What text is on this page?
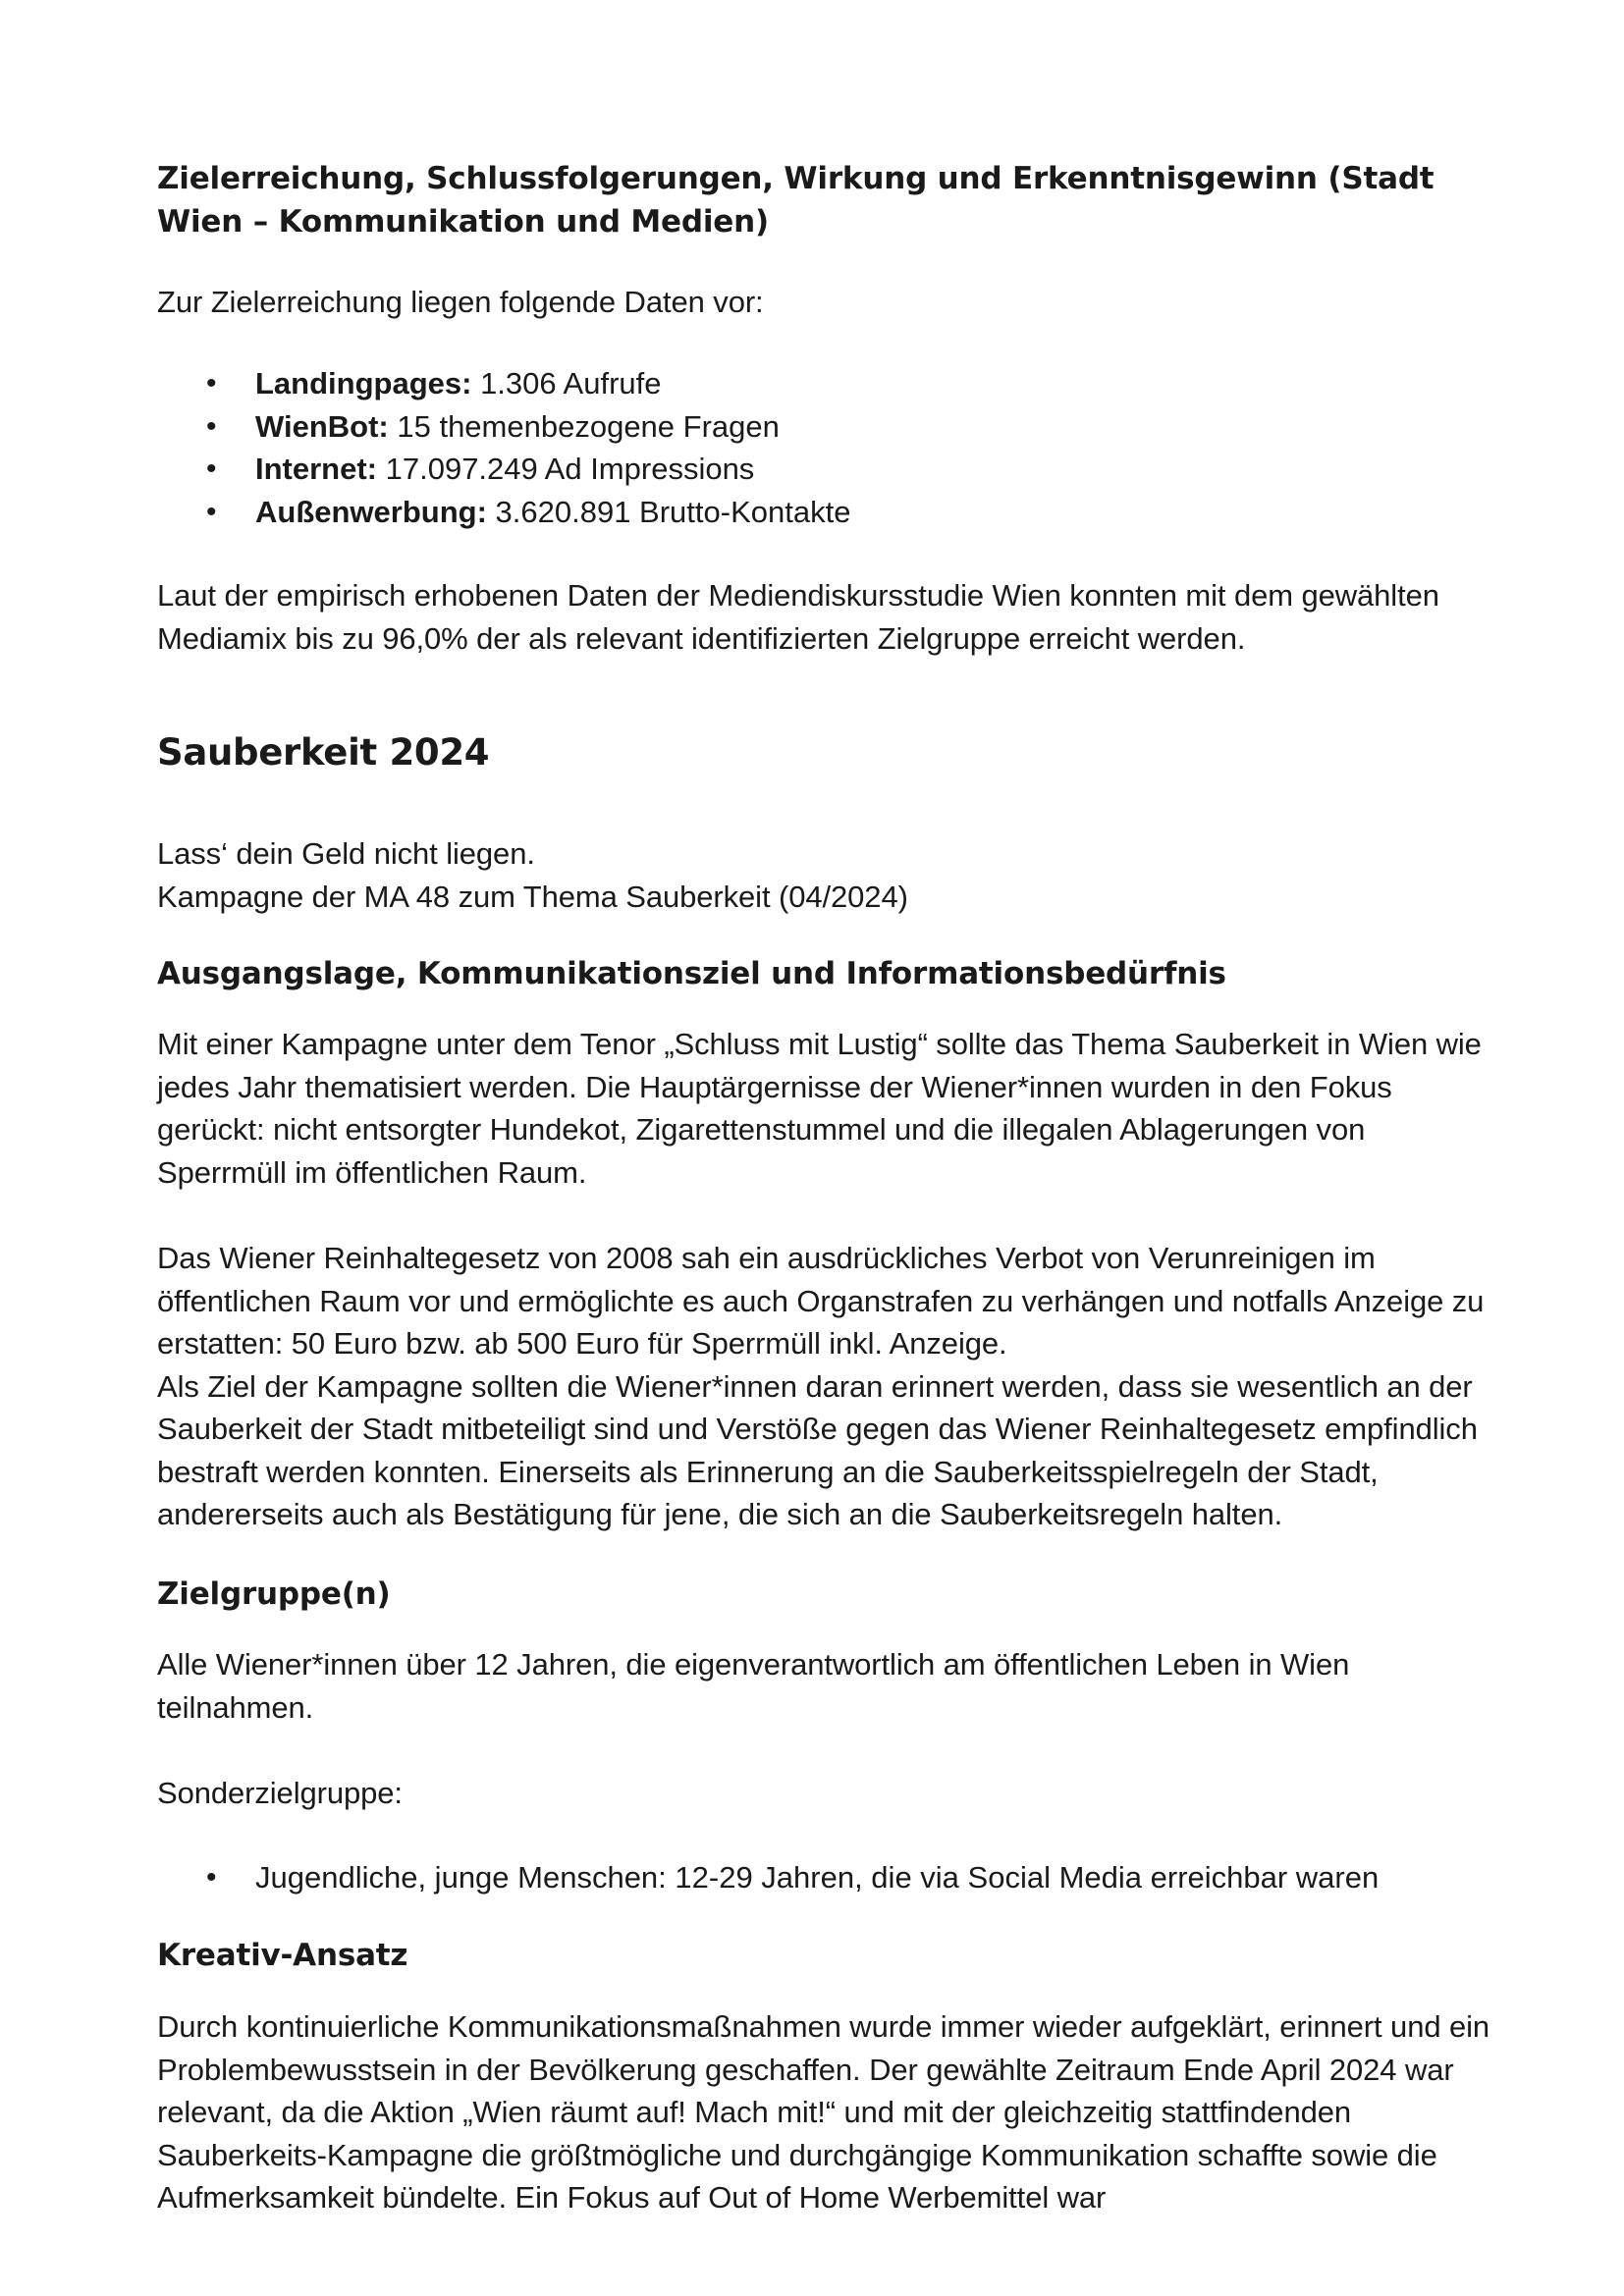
Zielerreichung, Schlussfolgerungen, Wirkung und Erkenntnisgewinn (Stadt Wien – Kommunikation und Medien)

Zur Zielerreichung liegen folgende Daten vor:

• Landingpages: 1.306 Aufrufe
• WienBot: 15 themenbezogene Fragen
• Internet: 17.097.249 Ad Impressions
• Außenwerbung: 3.620.891 Brutto-Kontakte

Laut der empirisch erhobenen Daten der Mediendiskursstudie Wien konnten mit dem gewählten Mediamix bis zu 96,0% der als relevant identifizierten Zielgruppe erreicht werden.

Sauberkeit 2024

Lass‘ dein Geld nicht liegen.

Kampagne der MA 48 zum Thema Sauberkeit (04/2024)

Ausgangslage, Kommunikationsziel und Informationsbedürfnis

Mit einer Kampagne unter dem Tenor „Schluss mit Lustig“ sollte das Thema Sauberkeit in Wien wie jedes Jahr thematisiert werden. Die Hauptärgernisse der Wiener*innen wurden in den Fokus gerückt: nicht entsorgter Hundekot, Zigarettenstummel und die illegalen Ablagerungen von Sperrmüll im öffentlichen Raum.

Das Wiener Reinhaltegesetz von 2008 sah ein ausdrückliches Verbot von Verunreinigen im öffentlichen Raum vor und ermöglichte es auch Organstrafen zu verhängen und notfalls Anzeige zu erstatten: 50 Euro bzw. ab 500 Euro für Sperrmüll inkl. Anzeige.

Als Ziel der Kampagne sollten die Wiener*innen daran erinnert werden, dass sie wesentlich an der Sauberkeit der Stadt mitbeteiligt sind und Verstöße gegen das Wiener Reinhaltegesetz empfindlich bestraft werden konnten. Einerseits als Erinnerung an die Sauberkeitsspielregeln der Stadt, andererseits auch als Bestätigung für jene, die sich an die Sauberkeitsregeln halten.

Zielgruppe(n)

Alle Wiener*innen über 12 Jahren, die eigenverantwortlich am öffentlichen Leben in Wien teilnahmen.

Sonderzielgruppe:

• Jugendliche, junge Menschen: 12-29 Jahren, die via Social Media erreichbar waren
Kreativ-Ansatz

Durch kontinuierliche Kommunikationsmaßnahmen wurde immer wieder aufgeklärt, erinnert und ein Problembewusstsein in der Bevölkerung geschaffen. Der gewählte Zeitraum Ende April 2024 war relevant, da die Aktion „Wien räumt auf! Mach mit!“ und mit der gleichzeitig stattfindenden Sauberkeits-Kampagne die größtmögliche und durchgängige Kommunikation schaffte sowie die Aufmerksamkeit bündelte. Ein Fokus auf Out of Home Werbemittel war
